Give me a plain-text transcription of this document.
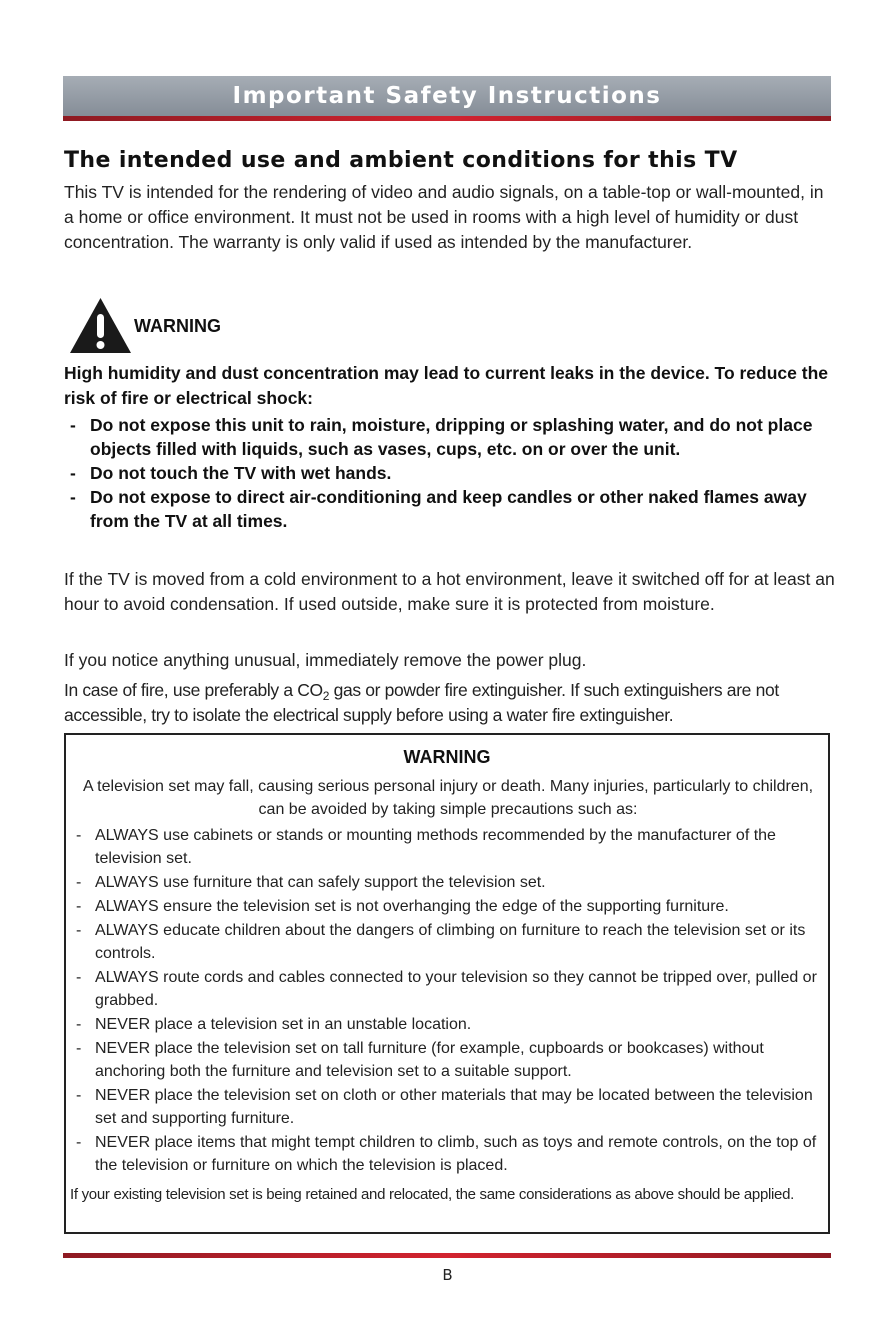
Important Safety Instructions
The intended use and ambient conditions for this TV

This TV is intended for the rendering of video and audio signals, on a table-top or wall-mounted, in a home or office environment. It must not be used in rooms with a high level of humidity or dust concentration. The warranty is only valid if used as intended by the manufacturer.

WARNING

High humidity and dust concentration may lead to current leaks in the device. To reduce the risk of fire or electrical shock:

- Do not expose this unit to rain, moisture, dripping or splashing water, and do not place objects filled with liquids, such as vases, cups, etc. on or over the unit.
- Do not touch the TV with wet hands.
- Do not expose to direct air-conditioning and keep candles or other naked flames away from the TV at all times.

If the TV is moved from a cold environment to a hot environment, leave it switched off for at least an hour to avoid condensation. If used outside, make sure it is protected from moisture.

If you notice anything unusual, immediately remove the power plug.

In case of fire, use preferably a $CO_2$ gas or powder fire extinguisher. If such extinguishers are not accessible, try to isolate the electrical supply before using a water fire extinguisher.

WARNING

A television set may fall, causing serious personal injury or death. Many injuries, particularly to children, can be avoided by taking simple precautions such as:

- ALWAYS use cabinets or stands or mounting methods recommended by the manufacturer of the television set.
- ALWAYS use furniture that can safely support the television set.
- ALWAYS ensure the television set is not overhanging the edge of the supporting furniture.
- ALWAYS educate children about the dangers of climbing on furniture to reach the television set or its controls.
- ALWAYS route cords and cables connected to your television so they cannot be tripped over, pulled or grabbed.
- NEVER place a television set in an unstable location.
- NEVER place the television set on tall furniture (for example, cupboards or bookcases) without anchoring both the furniture and television set to a suitable support.
- NEVER place the television set on cloth or other materials that may be located between the television set and supporting furniture.
- NEVER place items that might tempt children to climb, such as toys and remote controls, on the top of the television or furniture on which the television is placed.

If your existing television set is being retained and relocated, the same considerations as above should be applied.

B
